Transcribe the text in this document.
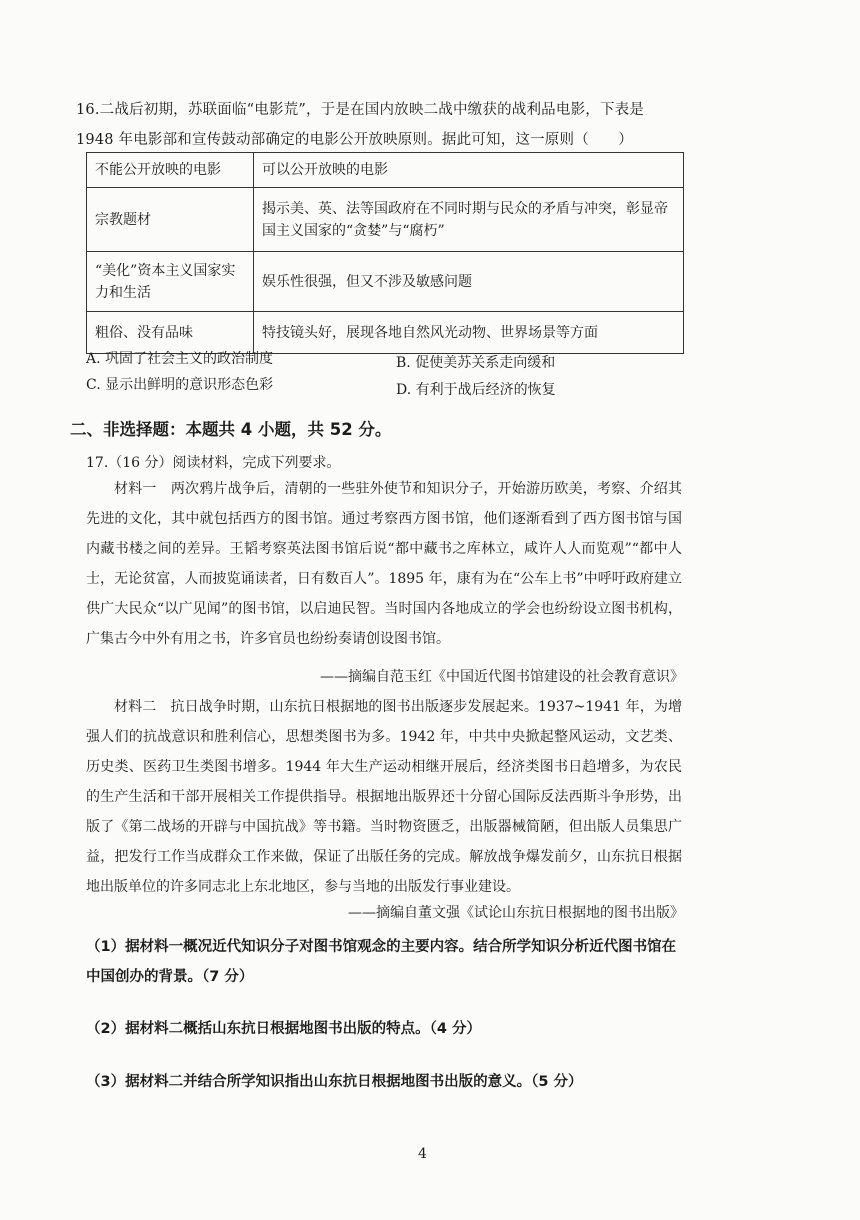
16.二战后初期，苏联面临“电影荒”，于是在国内放映二战中缴获的战利品电影，下表是
1948 年电影部和宣传鼓动部确定的电影公开放映原则。据此可知，这一原则（　　）
不能公开放映的电影	可以公开放映的电影
宗教题材	揭示美、英、法等国政府在不同时期与民众的矛盾与冲突，彰显帝国主义国家的“贪婪”与“腐朽”
“美化”资本主义国家实力和生活	娱乐性很强，但又不涉及敏感问题
粗俗、没有品味	特技镜头好，展现各地自然风光动物、世界场景等方面
A. 巩固了社会主义的政治制度	B. 促使美苏关系走向缓和
C. 显示出鲜明的意识形态色彩	D. 有利于战后经济的恢复
二、非选择题：本题共 4 小题，共 52 分。
17.（16 分）阅读材料，完成下列要求。

材料一　两次鸦片战争后，清朝的一些驻外使节和知识分子，开始游历欧美，考察、介绍其先进的文化，其中就包括西方的图书馆。通过考察西方图书馆，他们逐渐看到了西方图书馆与国内藏书楼之间的差异。王韬考察英法图书馆后说“都中藏书之库林立，咸许人人而览观”“都中人士，无论贫富，人而披览诵读者，日有数百人”。1895 年，康有为在“公车上书”中呼吁政府建立供广大民众“以广见闻”的图书馆，以启迪民智。当时国内各地成立的学会也纷纷设立图书机构，广集古今中外有用之书，许多官员也纷纷奏请创设图书馆。

——摘编自范玉红《中国近代图书馆建设的社会教育意识》

材料二　抗日战争时期，山东抗日根据地的图书出版逐步发展起来。1937~1941 年，为增强人们的抗战意识和胜利信心，思想类图书为多。1942 年，中共中央掀起整风运动，文艺类、历史类、医药卫生类图书增多。1944 年大生产运动相继开展后，经济类图书日趋增多，为农民的生产生活和干部开展相关工作提供指导。根据地出版界还十分留心国际反法西斯斗争形势，出版了《第二战场的开辟与中国抗战》等书籍。当时物资匮乏，出版器械简陋，但出版人员集思广益，把发行工作当成群众工作来做，保证了出版任务的完成。解放战争爆发前夕，山东抗日根据地出版单位的许多同志北上东北地区，参与当地的出版发行事业建设。

——摘编自董文强《试论山东抗日根据地的图书出版》
（1）据材料一概况近代知识分子对图书馆观念的主要内容。结合所学知识分析近代图书馆在中国创办的背景。（7 分）
（2）据材料二概括山东抗日根据地图书出版的特点。（4 分）
（3）据材料二并结合所学知识指出山东抗日根据地图书出版的意义。（5 分）
4
